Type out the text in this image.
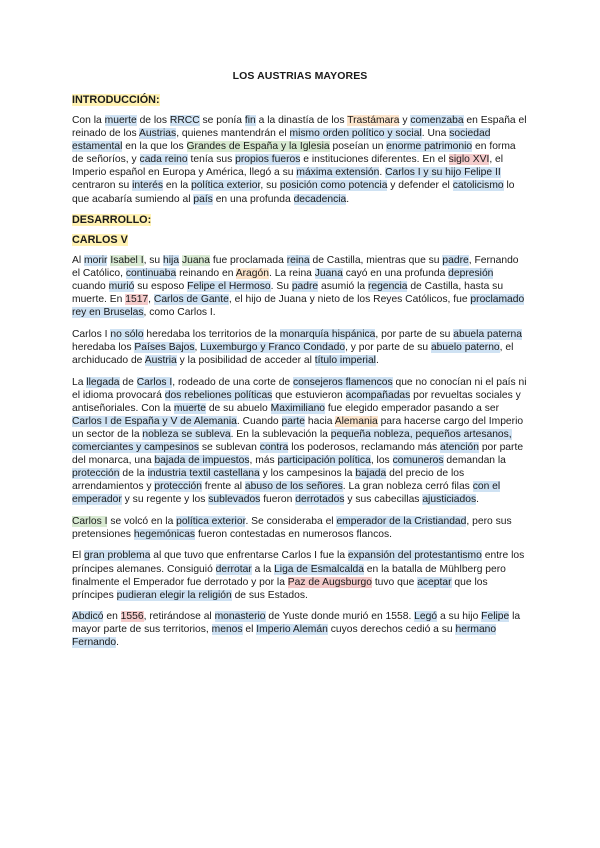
LOS AUSTRIAS MAYORES
INTRODUCCIÓN:

Con la muerte de los RRCC se ponía fin a la dinastía de los Trastámara y comenzaba en España el reinado de los Austrias, quienes mantendrán el mismo orden político y social. Una sociedad estamental en la que los Grandes de España y la Iglesia poseían un enorme patrimonio en forma de señoríos, y cada reino tenía sus propios fueros e instituciones diferentes. En el siglo XVI, el Imperio español en Europa y América, llegó a su máxima extensión. Carlos I y su hijo Felipe II centraron su interés en la política exterior, su posición como potencia y defender el catolicismo lo que acabaría sumiendo al país en una profunda decadencia.

DESARROLLO:
CARLOS V

Al morir Isabel I, su hija Juana fue proclamada reina de Castilla, mientras que su padre, Fernando el Católico, continuaba reinando en Aragón. La reina Juana cayó en una profunda depresión cuando murió su esposo Felipe el Hermoso. Su padre asumió la regencia de Castilla, hasta su muerte. En 1517, Carlos de Gante, el hijo de Juana y nieto de los Reyes Católicos, fue proclamado rey en Bruselas, como Carlos I.

Carlos I no sólo heredaba los territorios de la monarquía hispánica, por parte de su abuela paterna heredaba los Países Bajos, Luxemburgo y Franco Condado, y por parte de su abuelo paterno, el archiducado de Austria y la posibilidad de acceder al título imperial.

La llegada de Carlos I, rodeado de una corte de consejeros flamencos que no conocían ni el país ni el idioma provocará dos rebeliones políticas que estuvieron acompañadas por revueltas sociales y antiseñoriales. Con la muerte de su abuelo Maximiliano fue elegido emperador pasando a ser Carlos I de España y V de Alemania. Cuando parte hacia Alemania para hacerse cargo del Imperio un sector de la nobleza se subleva. En la sublevación la pequeña nobleza, pequeños artesanos, comerciantes y campesinos se sublevan contra los poderosos, reclamando más atención por parte del monarca, una bajada de impuestos, más participación política, los comuneros demandan la protección de la industria textil castellana y los campesinos la bajada del precio de los arrendamientos y protección frente al abuso de los señores. La gran nobleza cerró filas con el emperador y su regente y los sublevados fueron derrotados y sus cabecillas ajusticiados.

Carlos I se volcó en la política exterior. Se consideraba el emperador de la Cristiandad, pero sus pretensiones hegemónicas fueron contestadas en numerosos flancos.

El gran problema al que tuvo que enfrentarse Carlos I fue la expansión del protestantismo entre los príncipes alemanes. Consiguió derrotar a la Liga de Esmalcalda en la batalla de Mühlberg pero finalmente el Emperador fue derrotado y por la Paz de Augsburgo tuvo que aceptar que los príncipes pudieran elegir la religión de sus Estados.

Abdicó en 1556, retirándose al monasterio de Yuste donde murió en 1558. Legó a su hijo Felipe la mayor parte de sus territorios, menos el Imperio Alemán cuyos derechos cedió a su hermano Fernando.
